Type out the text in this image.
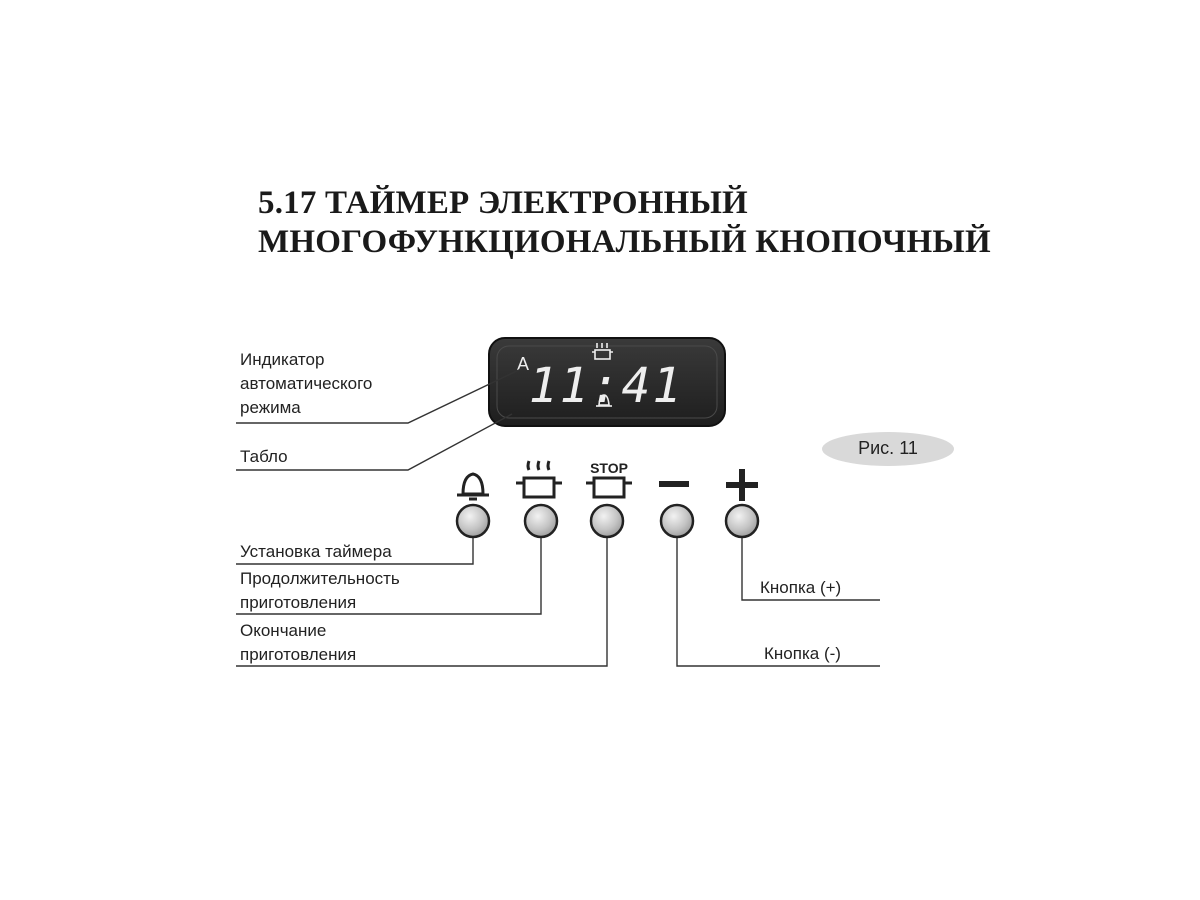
5.17 ТАЙМЕР ЭЛЕКТРОННЫЙ
МНОГОФУНКЦИОНАЛЬНЫЙ КНОПОЧНЫЙ
A 11:41
STOP
Индикатор
автоматического
режима
Табло
Установка таймера
Продолжительность
приготовления
Окончание
приготовления
Кнопка (+)
Кнопка (-)
Рис. 11
